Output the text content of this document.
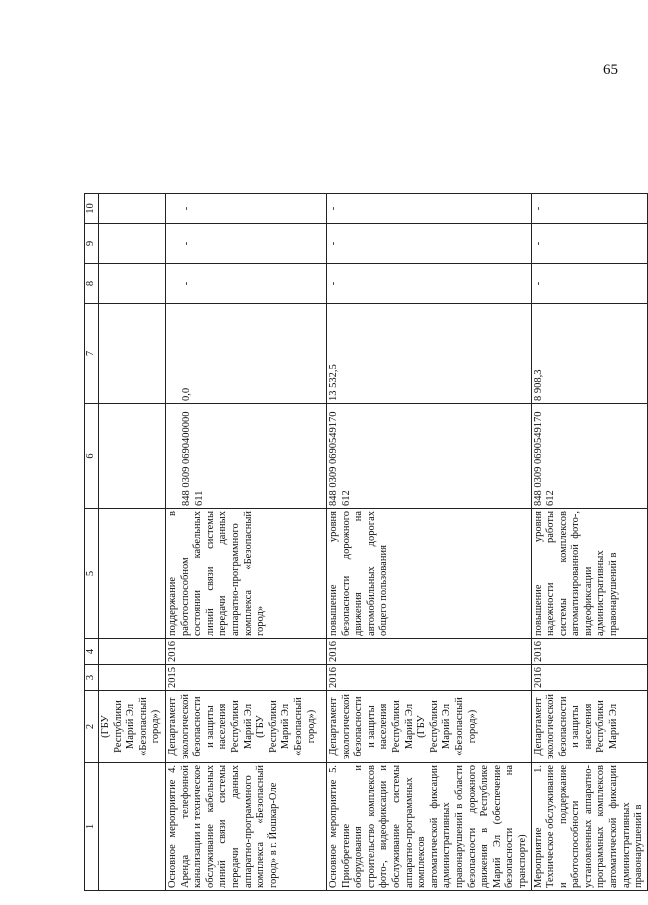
65
1	2	3	4	5	6	7	8	9	10
	(ГБУ Республики Марий Эл «Безопасный город»)								
Основное мероприятие 4. Аренда телефонной канализации и техническое обслуживание кабельных линий связи системы передачи данных аппаратно-программного комплекса «Безопасный город» в г. Йошкар-Оле	Департамент экологической безопасности и защиты населения Республики Марий Эл (ГБУ Республики Марий Эл «Безопасный город»)	2015	2016	поддержание в работоспособном состоянии кабельных линий связи системы передачи данных аппаратно-программного комплекса «Безопасный город»	848 0309 0690400000 611	0,0	-	-	-

Основное мероприятие 5. Приобретение оборудования и строительство комплексов фото-, видеофиксации и обслуживание системы аппаратно-программных комплексов автоматической фиксации административных правонарушений в области безопасности дорожного движения в Республике Марий Эл (обеспечение безопасности на транспорте)	Департамент экологической безопасности и защиты населения Республики Марий Эл (ГБУ Республики Марий Эл «Безопасный город»)	2016	2016	повышение уровня безопасности дорожного движения на автомобильных дорогах общего пользования	848 0309 0690549170 612	13 532,5	-	-	-
Мероприятие 1. Техническое обслуживание и поддержание работоспособности установленных аппаратно-программных комплексов автоматической фиксации административных правонарушений в	Департамент экологической безопасности и защиты населения Республики Марий Эл	2016	2016	повышение уровня надежности работы системы комплексов автоматизированной фото-, видеофиксации административных правонарушений в	848 0309 0690549170 612	8 908,3	-	-	-
